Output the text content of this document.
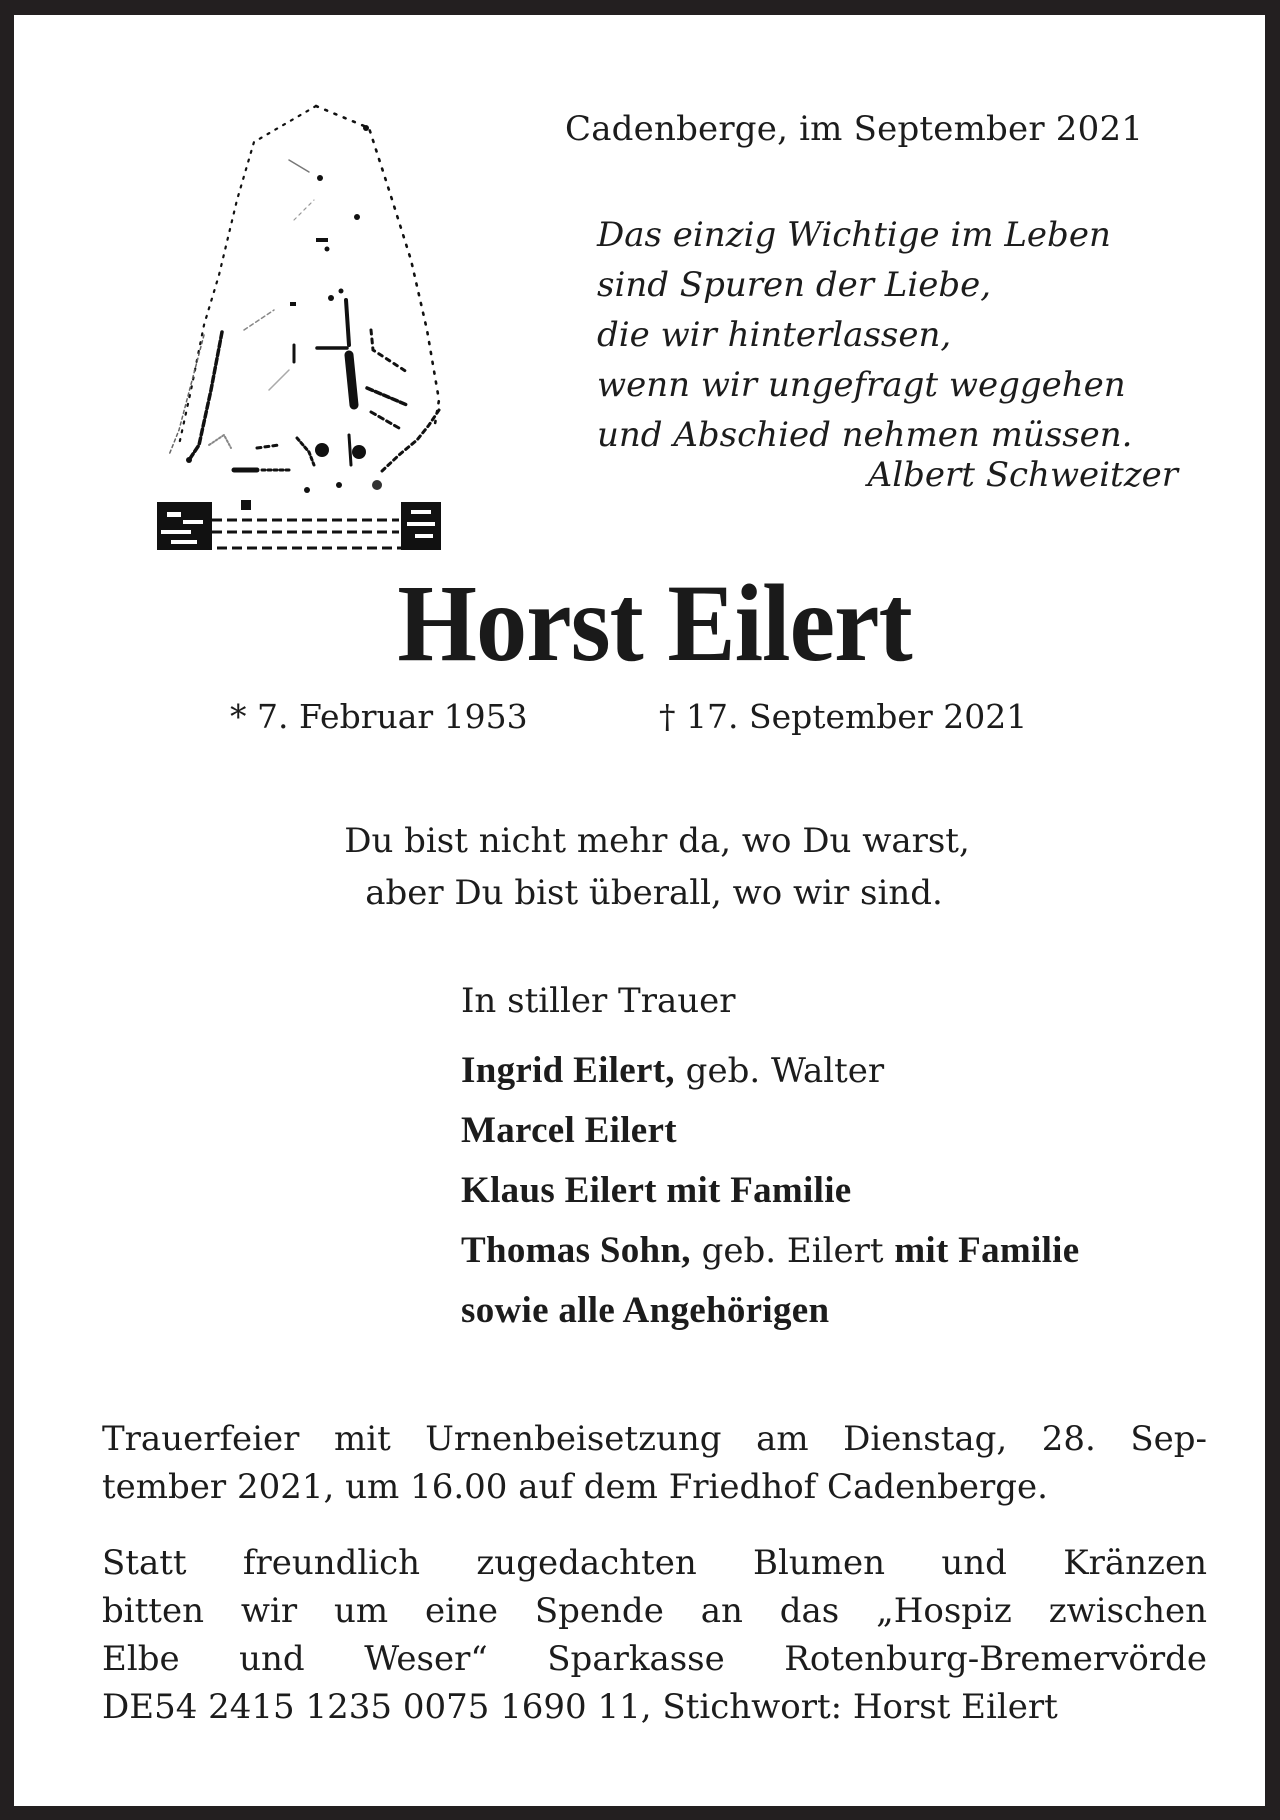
Cadenberge, im September 2021
Das einzig Wichtige im Leben
sind Spuren der Liebe,
die wir hinterlassen,
wenn wir ungefragt weggehen
und Abschied nehmen müssen.
Albert Schweitzer
Horst Eilert
* 7. Februar 1953	† 17. September 2021
Du bist nicht mehr da, wo Du warst,
aber Du bist überall, wo wir sind.
In stiller Trauer
Ingrid Eilert, geb. Walter
Marcel Eilert
Klaus Eilert mit Familie
Thomas Sohn, geb. Eilert mit Familie
sowie alle Angehörigen
Trauerfeier mit Urnenbeisetzung am Dienstag, 28. Sep-
tember 2021, um 16.00 auf dem Friedhof Cadenberge.
Statt freundlich zugedachten Blumen und Kränzen
bitten wir um eine Spende an das „Hospiz zwischen
Elbe und Weser“ Sparkasse Rotenburg-Bremervörde
DE54 2415 1235 0075 1690 11, Stichwort: Horst Eilert
